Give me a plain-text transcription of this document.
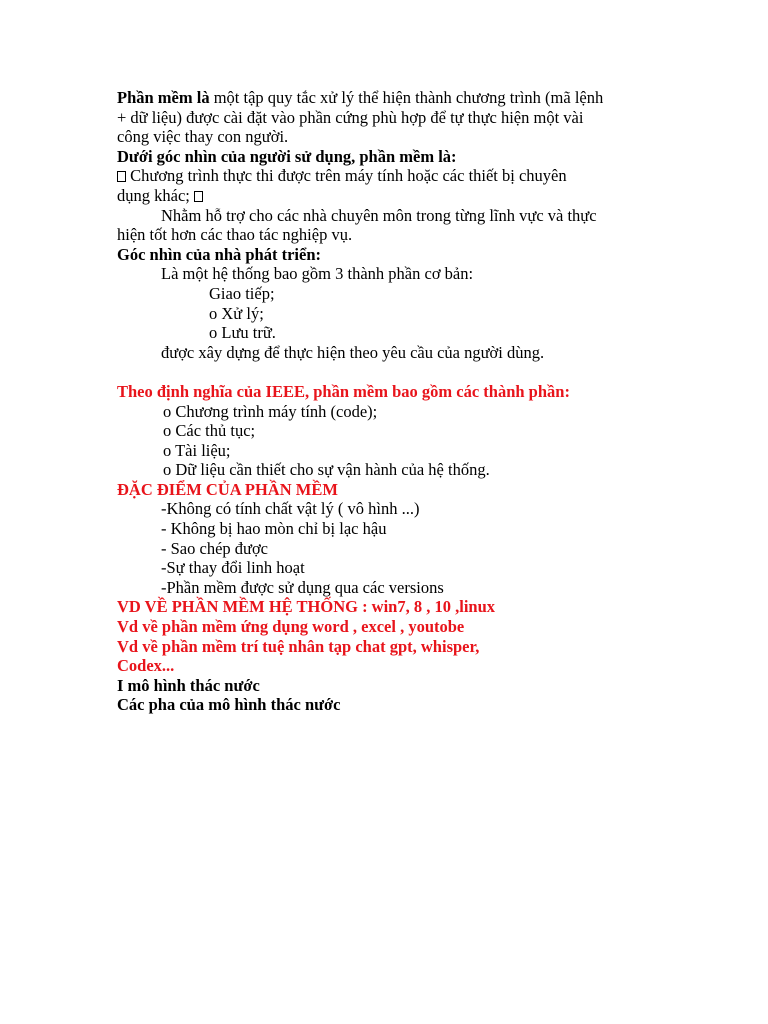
Phần mềm là một tập quy tắc xử lý thể hiện thành chương trình (mã lệnh
+ dữ liệu) được cài đặt vào phần cứng phù hợp để tự thực hiện một vài
công việc thay con người.
Dưới góc nhìn của người sử dụng, phần mềm là:
Chương trình thực thi được trên máy tính hoặc các thiết bị chuyên
dụng khác;
Nhằm hỗ trợ cho các nhà chuyên môn trong từng lĩnh vực và thực
hiện tốt hơn các thao tác nghiệp vụ.
Góc nhìn của nhà phát triển:
Là một hệ thống bao gồm 3 thành phần cơ bản:
Giao tiếp;
o Xử lý;
o Lưu trữ.
được xây dựng để thực hiện theo yêu cầu của người dùng.
Theo định nghĩa của IEEE, phần mềm bao gồm các thành phần:
o Chương trình máy tính (code);
o Các thủ tục;
o Tài liệu;
o Dữ liệu cần thiết cho sự vận hành của hệ thống.
ĐẶC ĐIỂM CỦA PHẦN MỀM
-Không có tính chất vật lý ( vô hình ...)
- Không bị hao mòn chỉ bị lạc hậu
- Sao chép được
-Sự thay đổi linh hoạt
-Phần mềm được sử dụng qua các versions
VD VỀ PHẦN MỀM HỆ THỐNG : win7, 8 , 10 ,linux
Vd về phần mềm ứng dụng word , excel , youtobe
Vd về phần mềm trí tuệ nhân tạp chat gpt, whisper,
Codex...
I mô hình thác nước
Các pha của mô hình thác nước
